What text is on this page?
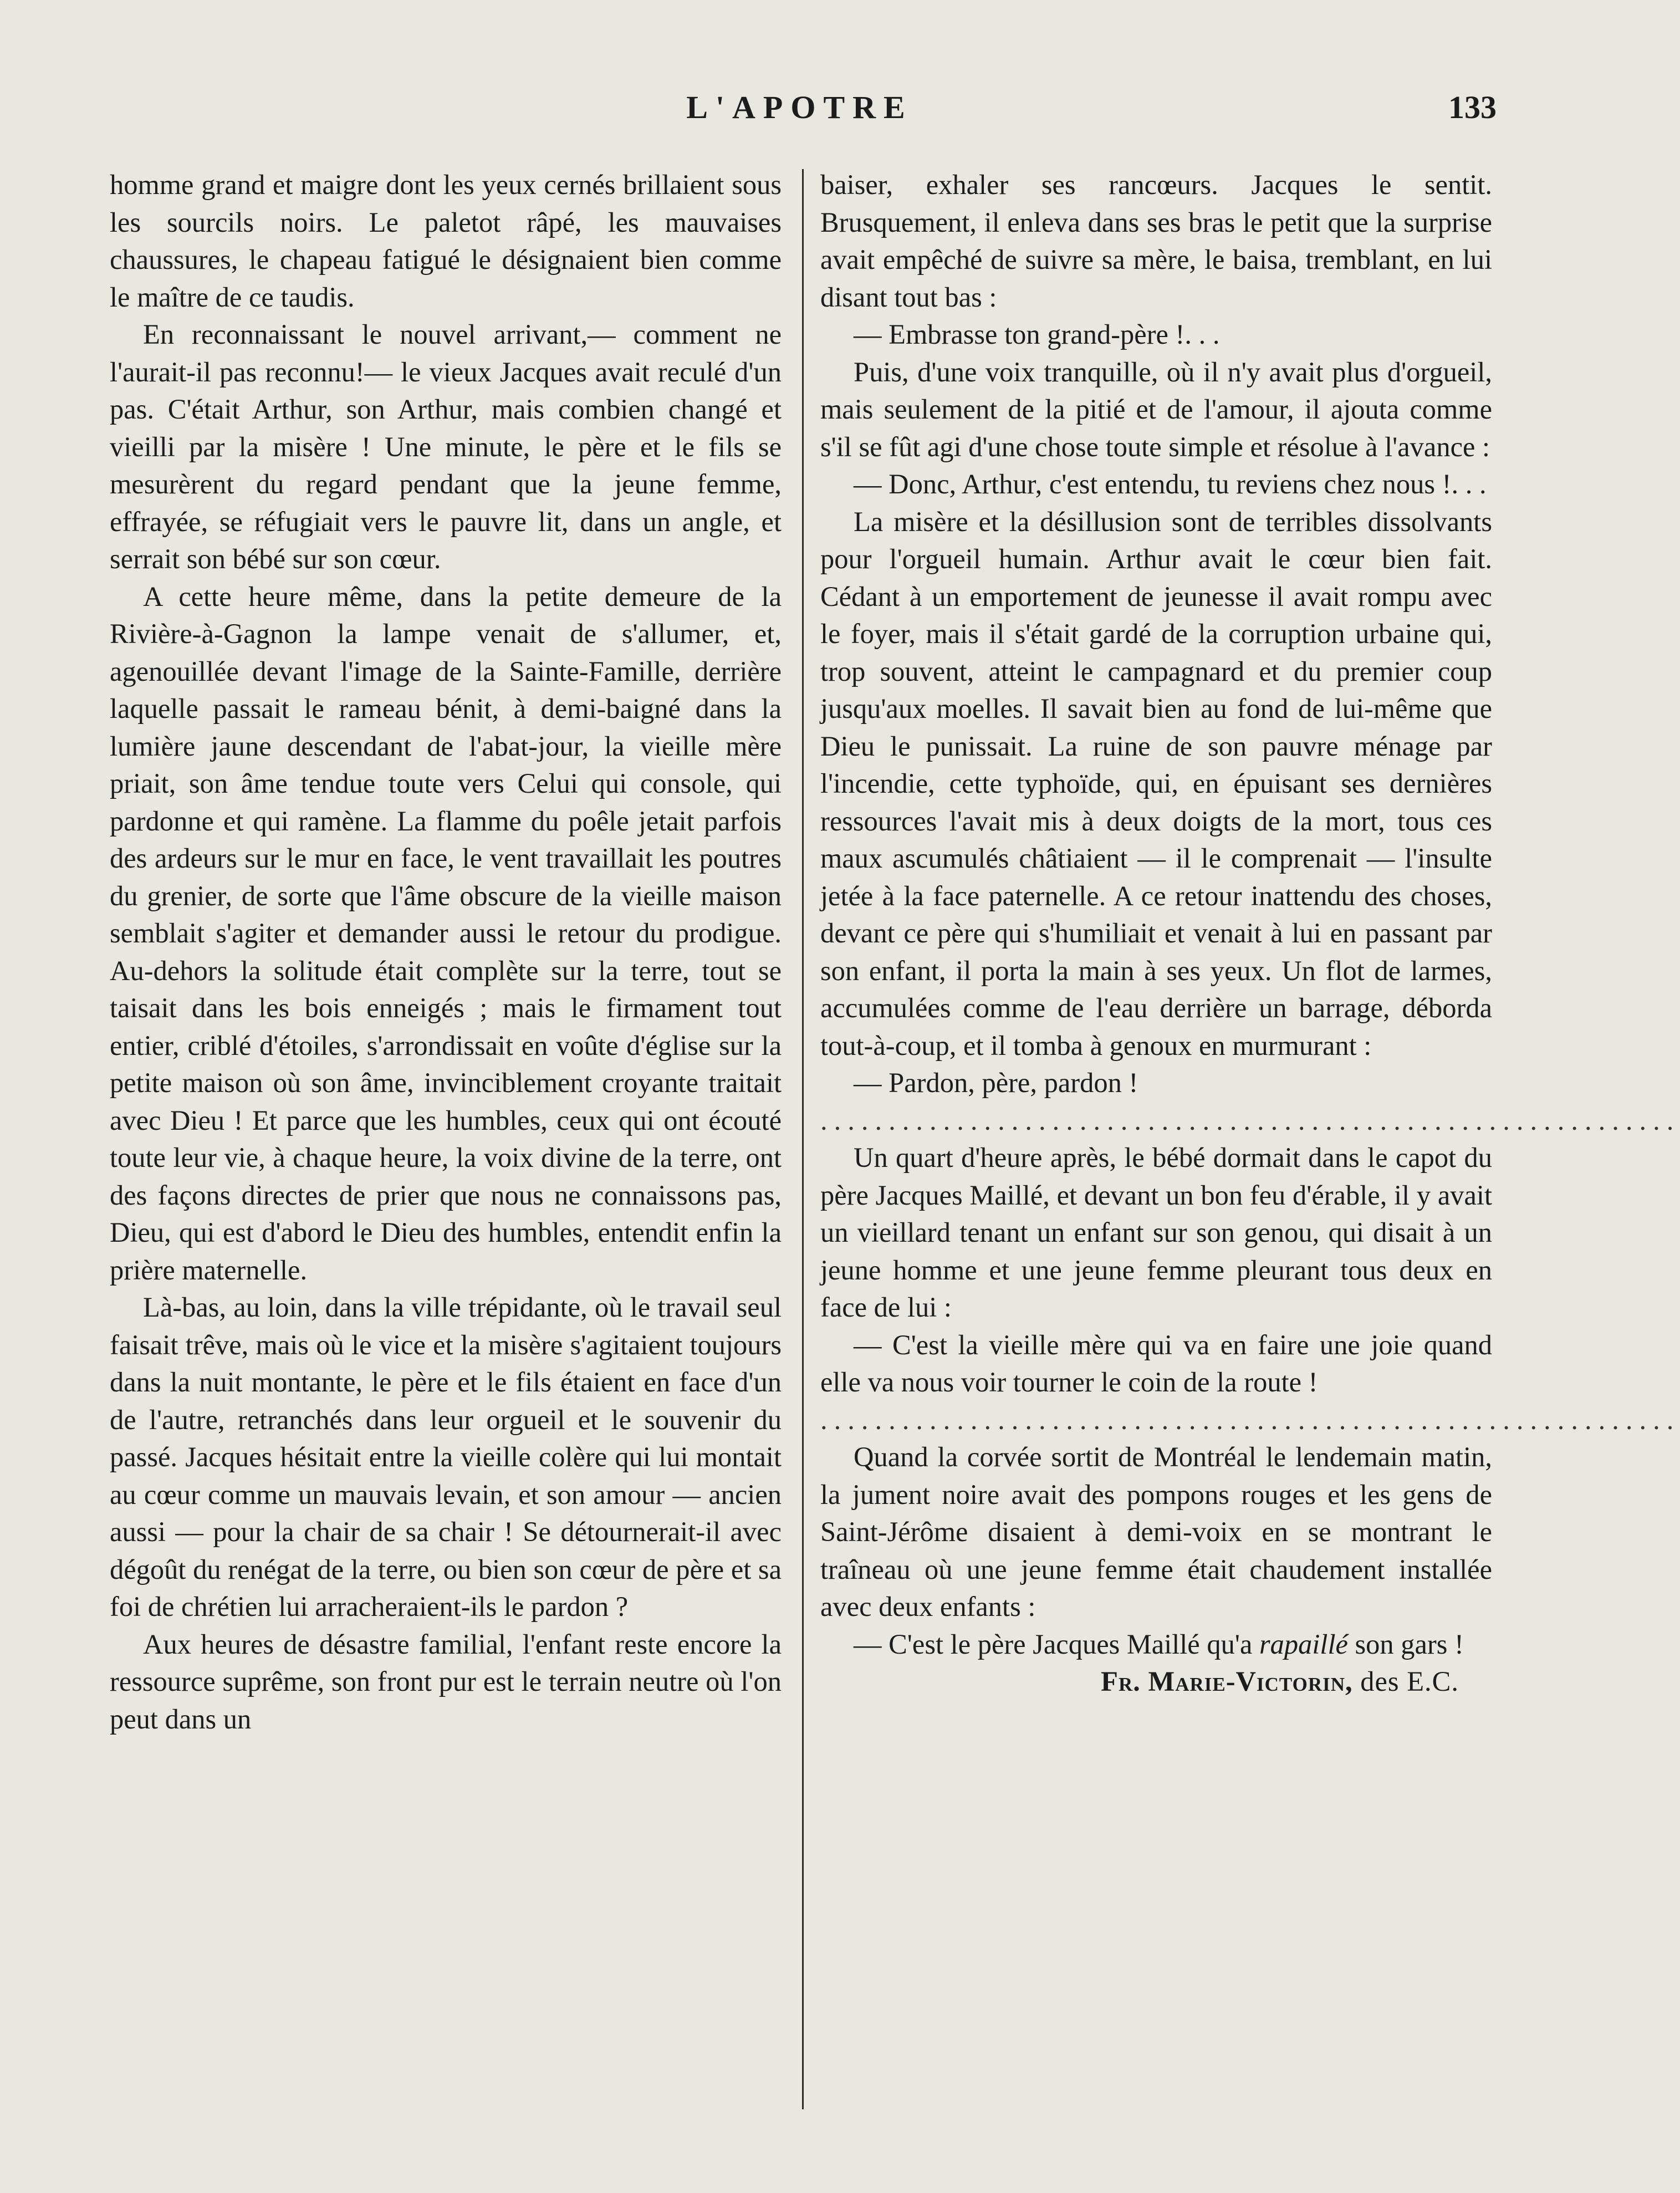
L'APOTRE	133

homme grand et maigre dont les yeux cernés brillaient sous les sourcils noirs. Le paletot râpé, les mauvaises chaussures, le chapeau fatigué le désignaient bien comme le maître de ce taudis.

En reconnaissant le nouvel arrivant,— comment ne l'aurait-il pas reconnu!— le vieux Jacques avait reculé d'un pas. C'était Arthur, son Arthur, mais combien changé et vieilli par la misère ! Une minute, le père et le fils se mesurèrent du regard pendant que la jeune femme, effrayée, se réfugiait vers le pauvre lit, dans un angle, et serrait son bébé sur son cœur.

A cette heure même, dans la petite demeure de la Rivière-à-Gagnon la lampe venait de s'allumer, et, agenouillée devant l'image de la Sainte-Famille, derrière laquelle passait le rameau bénit, à demi-baigné dans la lumière jaune descendant de l'abat-jour, la vieille mère priait, son âme tendue toute vers Celui qui console, qui pardonne et qui ramène. La flamme du poêle jetait parfois des ardeurs sur le mur en face, le vent travaillait les poutres du grenier, de sorte que l'âme obscure de la vieille maison semblait s'agiter et demander aussi le retour du prodigue. Au-dehors la solitude était complète sur la terre, tout se taisait dans les bois enneigés ; mais le firmament tout entier, criblé d'étoiles, s'arrondissait en voûte d'église sur la petite maison où son âme, invinciblement croyante traitait avec Dieu ! Et parce que les humbles, ceux qui ont écouté toute leur vie, à chaque heure, la voix divine de la terre, ont des façons directes de prier que nous ne connaissons pas, Dieu, qui est d'abord le Dieu des humbles, entendit enfin la prière maternelle.

Là-bas, au loin, dans la ville trépidante, où le travail seul faisait trêve, mais où le vice et la misère s'agitaient toujours dans la nuit montante, le père et le fils étaient en face d'un de l'autre, retranchés dans leur orgueil et le souvenir du passé. Jacques hésitait entre la vieille colère qui lui montait au cœur comme un mauvais levain, et son amour — ancien aussi — pour la chair de sa chair ! Se détournerait-il avec dégoût du renégat de la terre, ou bien son cœur de père et sa foi de chrétien lui arracheraient-ils le pardon ?

Aux heures de désastre familial, l'enfant reste encore la ressource suprême, son front pur est le terrain neutre où l'on peut dans un

baiser, exhaler ses rancœurs. Jacques le sentit. Brusquement, il enleva dans ses bras le petit que la surprise avait empêché de suivre sa mère, le baisa, tremblant, en lui disant tout bas :

— Embrasse ton grand-père !. . .

Puis, d'une voix tranquille, où il n'y avait plus d'orgueil, mais seulement de la pitié et de l'amour, il ajouta comme s'il se fût agi d'une chose toute simple et résolue à l'avance :

— Donc, Arthur, c'est entendu, tu reviens chez nous !. . .

La misère et la désillusion sont de terribles dissolvants pour l'orgueil humain. Arthur avait le cœur bien fait. Cédant à un emportement de jeunesse il avait rompu avec le foyer, mais il s'était gardé de la corruption urbaine qui, trop souvent, atteint le campagnard et du premier coup jusqu'aux moelles. Il savait bien au fond de lui-même que Dieu le punissait. La ruine de son pauvre ménage par l'incendie, cette typhoïde, qui, en épuisant ses dernières ressources l'avait mis à deux doigts de la mort, tous ces maux ascumulés châtiaient — il le comprenait — l'insulte jetée à la face paternelle. A ce retour inattendu des choses, devant ce père qui s'humiliait et venait à lui en passant par son enfant, il porta la main à ses yeux. Un flot de larmes, accumulées comme de l'eau derrière un barrage, déborda tout-à-coup, et il tomba à genoux en murmurant :

— Pardon, père, pardon !

...............................................................

Un quart d'heure après, le bébé dormait dans le capot du père Jacques Maillé, et devant un bon feu d'érable, il y avait un vieillard tenant un enfant sur son genou, qui disait à un jeune homme et une jeune femme pleurant tous deux en face de lui :

— C'est la vieille mère qui va en faire une joie quand elle va nous voir tourner le coin de la route !

...............................................................

Quand la corvée sortit de Montréal le lendemain matin, la jument noire avait des pompons rouges et les gens de Saint-Jérôme disaient à demi-voix en se montrant le traîneau où une jeune femme était chaudement installée avec deux enfants :

— C'est le père Jacques Maillé qu'a rapaillé son gars !

Fr. Marie-Victorin, des E.C.
